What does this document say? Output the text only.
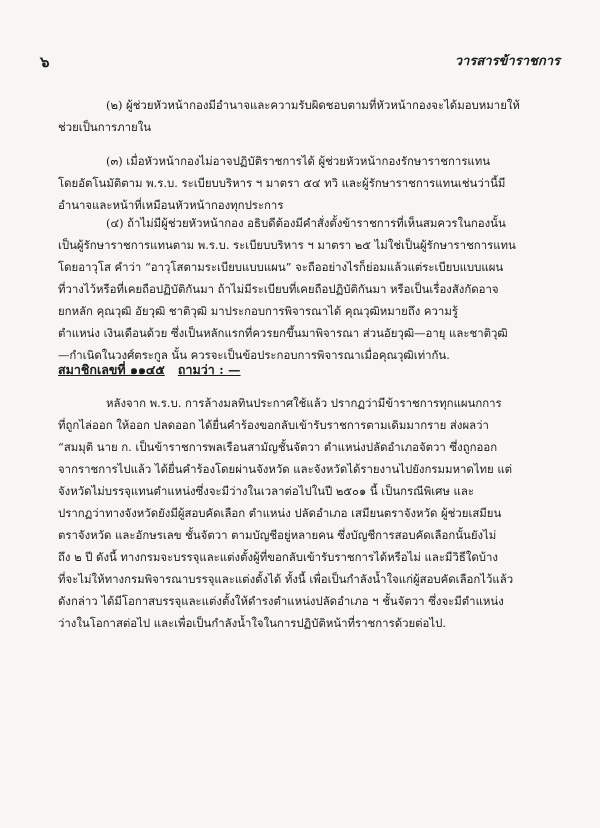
๖	วารสารข้าราชการ

(๒) ผู้ช่วยหัวหน้ากองมีอำนาจและความรับผิดชอบตามที่หัวหน้ากองจะได้มอบหมายให้

ช่วยเป็นการภายใน

(๓) เมื่อหัวหน้ากองไม่อาจปฏิบัติราชการได้ ผู้ช่วยหัวหน้ากองรักษาราชการแทน

โดยอัตโนมัติตาม พ.ร.บ. ระเบียบบริหาร ฯ มาตรา ๕๔ ทวิ และผู้รักษาราชการแทนเช่นว่านี้มี

อำนาจและหน้าที่เหมือนหัวหน้ากองทุกประการ

(๔) ถ้าไม่มีผู้ช่วยหัวหน้ากอง อธิบดีต้องมีคำสั่งตั้งข้าราชการที่เห็นสมควรในกองนั้น

เป็นผู้รักษาราชการแทนตาม พ.ร.บ. ระเบียบบริหาร ฯ มาตรา ๒๕ ไม่ใช่เป็นผู้รักษาราชการแทน

โดยอาวุโส คำว่า “อาวุโสตามระเบียบแบบแผน” จะถืออย่างไรก็ย่อมแล้วแต่ระเบียบแบบแผน

ที่วางไว้หรือที่เคยถือปฏิบัติกันมา ถ้าไม่มีระเบียบที่เคยถือปฏิบัติกันมา หรือเป็นเรื่องสังกัดอาจ

ยกหลัก คุณวุฒิ อัยวุฒิ ชาติวุฒิ มาประกอบการพิจารณาได้ คุณวุฒิหมายถึง ความรู้

ตำแหน่ง เงินเดือนด้วย ซึ่งเป็นหลักแรกที่ควรยกขึ้นมาพิจารณา ส่วนอัยวุฒิ—อายุ และชาติวุฒิ

—กำเนิดในวงศ์ตระกูล นั้น ควรจะเป็นข้อประกอบการพิจารณาเมื่อคุณวุฒิเท่ากัน.

สมาชิกเลขที่ ๑๑๔๕ ถามว่า : —

หลังจาก พ.ร.บ. การล้างมลทินประกาศใช้แล้ว ปรากฏว่ามีข้าราชการทุกแผนกการ

ที่ถูกไล่ออก ให้ออก ปลดออก ได้ยื่นคำร้องขอกลับเข้ารับราชการตามเดิมมากราย ส่งผลว่า

“สมมุติ นาย ก. เป็นข้าราชการพลเรือนสามัญชั้นจัตวา ตำแหน่งปลัดอำเภอจัตวา ซึ่งถูกออก

จากราชการไปแล้ว ได้ยื่นคำร้องโดยผ่านจังหวัด และจังหวัดได้รายงานไปยังกรมมหาดไทย แต่

จังหวัดไม่บรรจุแทนตำแหน่งซึ่งจะมีว่างในเวลาต่อไปในปี ๒๕๐๑ นี้ เป็นกรณีพิเศษ และ

ปรากฏว่าทางจังหวัดยังมีผู้สอบคัดเลือก ตำแหน่ง ปลัดอำเภอ เสมียนตราจังหวัด ผู้ช่วยเสมียน

ตราจังหวัด และอักษรเลข ชั้นจัตวา ตามบัญชีอยู่หลายคน ซึ่งบัญชีการสอบคัดเลือกนั้นยังไม่

ถึง ๒ ปี ดังนี้ ทางกรมจะบรรจุและแต่งตั้งผู้ที่ขอกลับเข้ารับราชการได้หรือไม่ และมีวิธีใดบ้าง

ที่จะไม่ให้ทางกรมพิจารณาบรรจุและแต่งตั้งได้ ทั้งนี้ เพื่อเป็นกำลังน้ำใจแก่ผู้สอบคัดเลือกไว้แล้ว

ดังกล่าว ได้มีโอกาสบรรจุและแต่งตั้งให้ดำรงตำแหน่งปลัดอำเภอ ฯ ชั้นจัตวา ซึ่งจะมีตำแหน่ง

ว่างในโอกาสต่อไป และเพื่อเป็นกำลังน้ำใจในการปฏิบัติหน้าที่ราชการด้วยต่อไป.
